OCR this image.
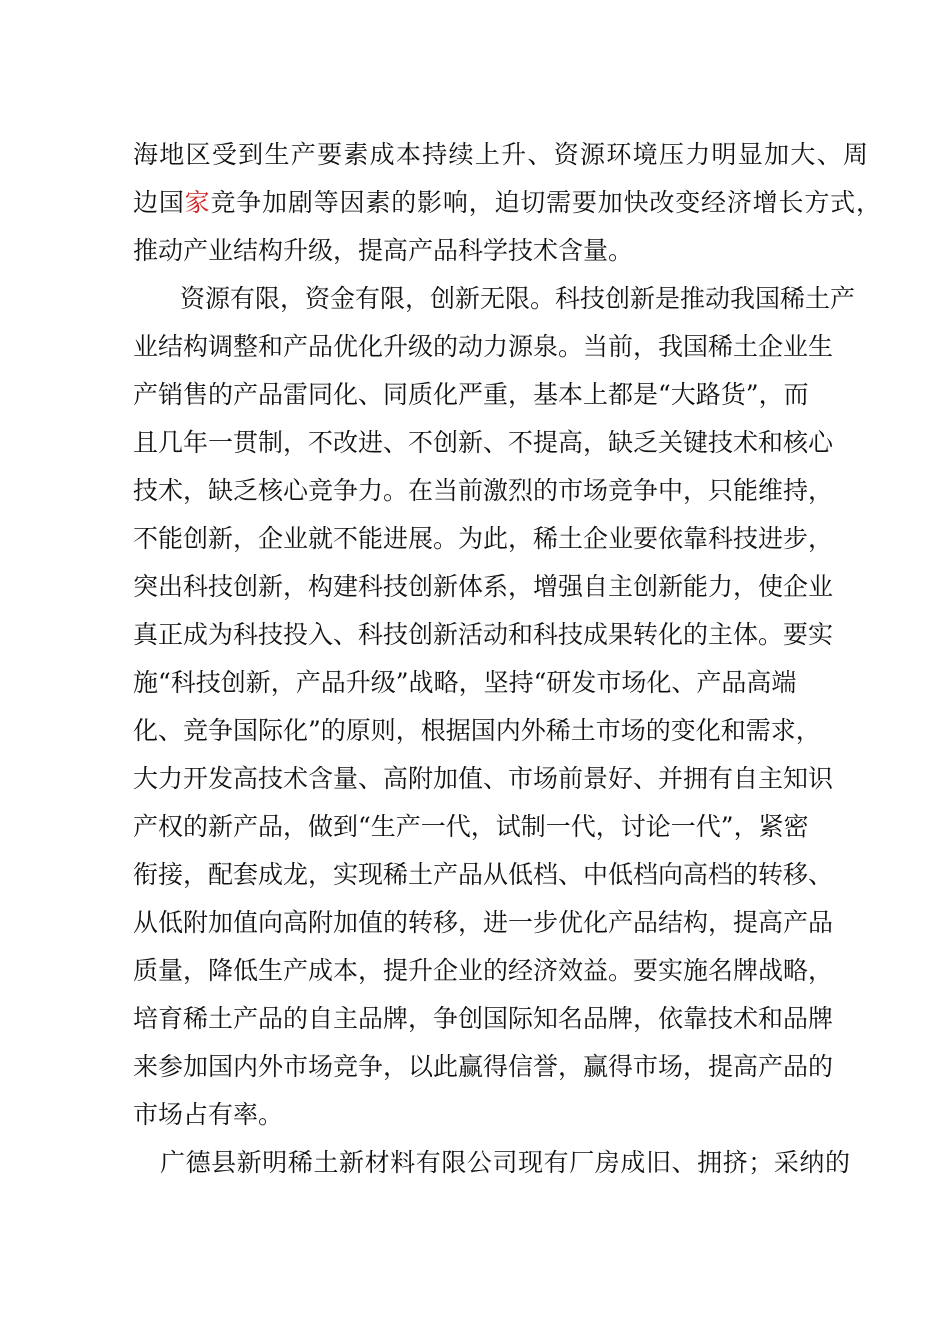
海地区受到生产要素成本持续上升、资源环境压力明显加大、周
边国家竞争加剧等因素的影响，迫切需要加快改变经济增长方式，
推动产业结构升级，提高产品科学技术含量。
资源有限，资金有限，创新无限。科技创新是推动我国稀土产
业结构调整和产品优化升级的动力源泉。当前，我国稀土企业生
产销售的产品雷同化、同质化严重，基本上都是“大路货”，而
且几年一贯制，不改进、不创新、不提高，缺乏关键技术和核心
技术，缺乏核心竞争力。在当前激烈的市场竞争中，只能维持，
不能创新，企业就不能进展。为此，稀土企业要依靠科技进步，
突出科技创新，构建科技创新体系，增强自主创新能力，使企业
真正成为科技投入、科技创新活动和科技成果转化的主体。要实
施“科技创新，产品升级”战略，坚持“研发市场化、产品高端
化、竞争国际化”的原则，根据国内外稀土市场的变化和需求，
大力开发高技术含量、高附加值、市场前景好、并拥有自主知识
产权的新产品，做到“生产一代，试制一代，讨论一代”，紧密
衔接，配套成龙，实现稀土产品从低档、中低档向高档的转移、
从低附加值向高附加值的转移，进一步优化产品结构，提高产品
质量，降低生产成本，提升企业的经济效益。要实施名牌战略，
培育稀土产品的自主品牌，争创国际知名品牌，依靠技术和品牌
来参加国内外市场竞争，以此赢得信誉，赢得市场，提高产品的
市场占有率。
广德县新明稀土新材料有限公司现有厂房成旧、拥挤；采纳的
